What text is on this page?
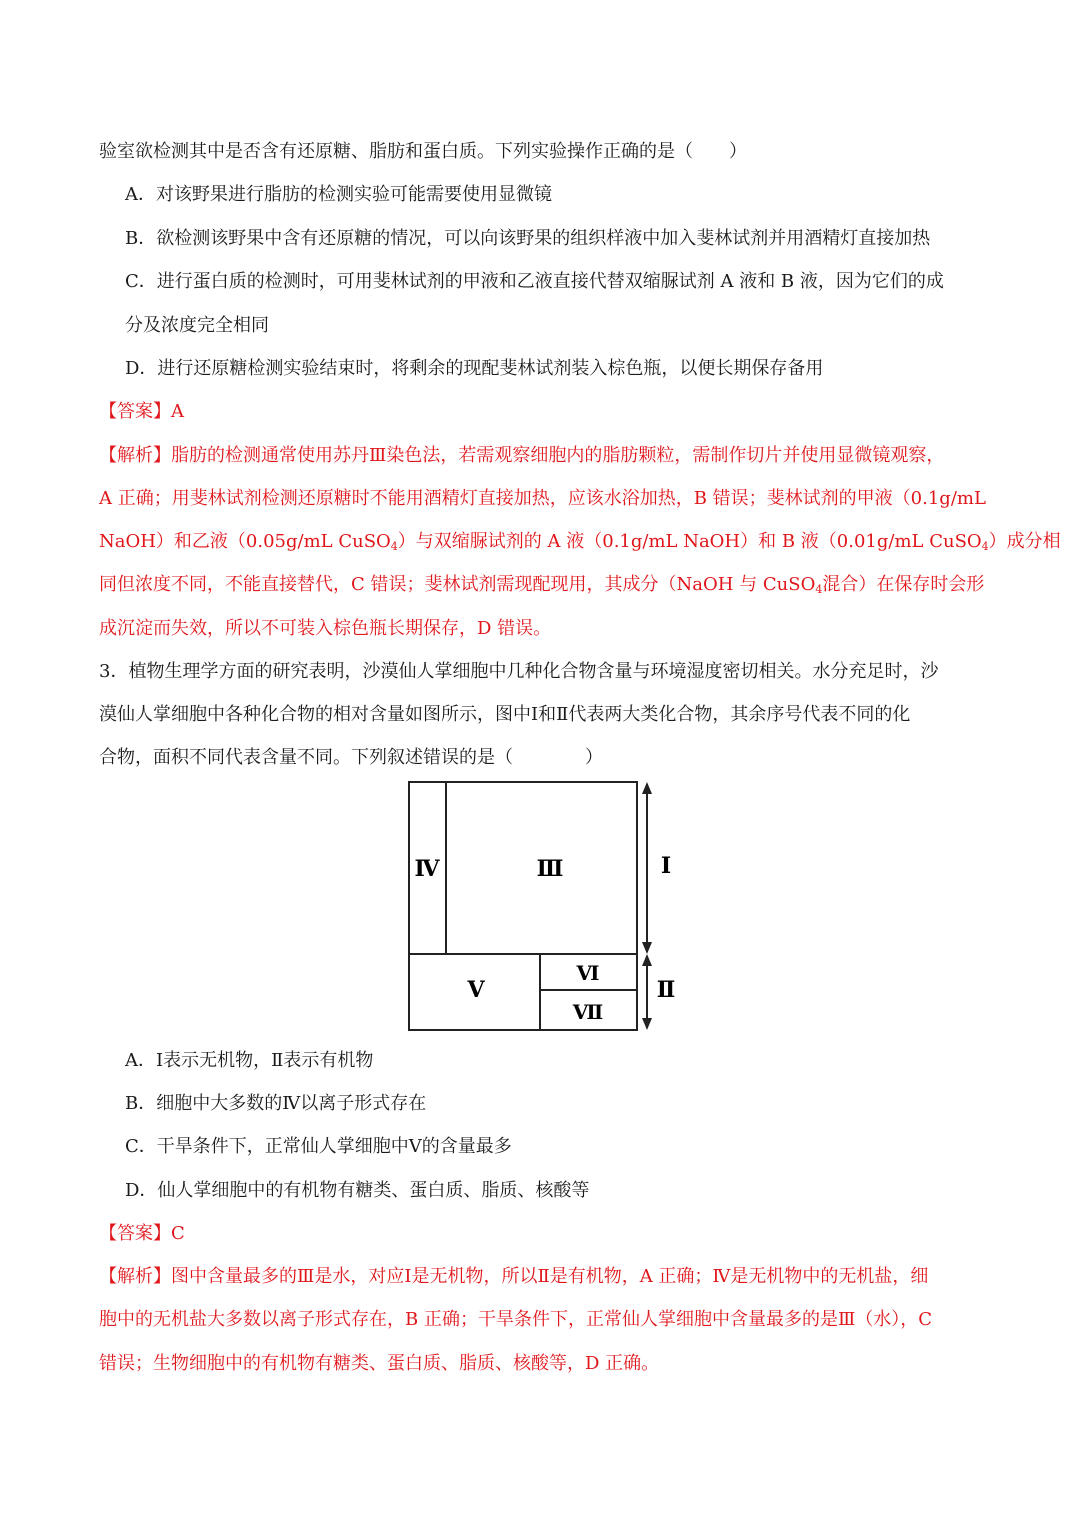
验室欲检测其中是否含有还原糖、脂肪和蛋白质。下列实验操作正确的是（　　）
A．对该野果进行脂肪的检测实验可能需要使用显微镜
B．欲检测该野果中含有还原糖的情况，可以向该野果的组织样液中加入斐林试剂并用酒精灯直接加热
C．进行蛋白质的检测时，可用斐林试剂的甲液和乙液直接代替双缩脲试剂 A 液和 B 液，因为它们的成
分及浓度完全相同
D．进行还原糖检测实验结束时，将剩余的现配斐林试剂装入棕色瓶，以便长期保存备用
【答案】A
【解析】脂肪的检测通常使用苏丹Ⅲ染色法，若需观察细胞内的脂肪颗粒，需制作切片并使用显微镜观察，
A 正确；用斐林试剂检测还原糖时不能用酒精灯直接加热，应该水浴加热，B 错误；斐林试剂的甲液（0.1g/mL
NaOH）和乙液（0.05g/mL CuSO$_4$）与双缩脲试剂的 A 液（0.1g/mL NaOH）和 B 液（0.01g/mL CuSO$_4$）成分相
同但浓度不同，不能直接替代，C 错误；斐林试剂需现配现用，其成分（NaOH 与 CuSO$_4$混合）在保存时会形
成沉淀而失效，所以不可装入棕色瓶长期保存，D 错误。
3．植物生理学方面的研究表明，沙漠仙人掌细胞中几种化合物含量与环境湿度密切相关。水分充足时，沙
漠仙人掌细胞中各种化合物的相对含量如图所示，图中Ⅰ和Ⅱ代表两大类化合物，其余序号代表不同的化
合物，面积不同代表含量不同。下列叙述错误的是（　　　　）
Ⅳ	Ⅲ
Ⅴ
Ⅵ
Ⅶ
Ⅰ
Ⅱ
A．Ⅰ表示无机物，Ⅱ表示有机物
B．细胞中大多数的Ⅳ以离子形式存在
C．干旱条件下，正常仙人掌细胞中Ⅴ的含量最多
D．仙人掌细胞中的有机物有糖类、蛋白质、脂质、核酸等
【答案】C
【解析】图中含量最多的Ⅲ是水，对应Ⅰ是无机物，所以Ⅱ是有机物，A 正确；Ⅳ是无机物中的无机盐，细
胞中的无机盐大多数以离子形式存在，B 正确；干旱条件下，正常仙人掌细胞中含量最多的是Ⅲ（水），C
错误；生物细胞中的有机物有糖类、蛋白质、脂质、核酸等，D 正确。
